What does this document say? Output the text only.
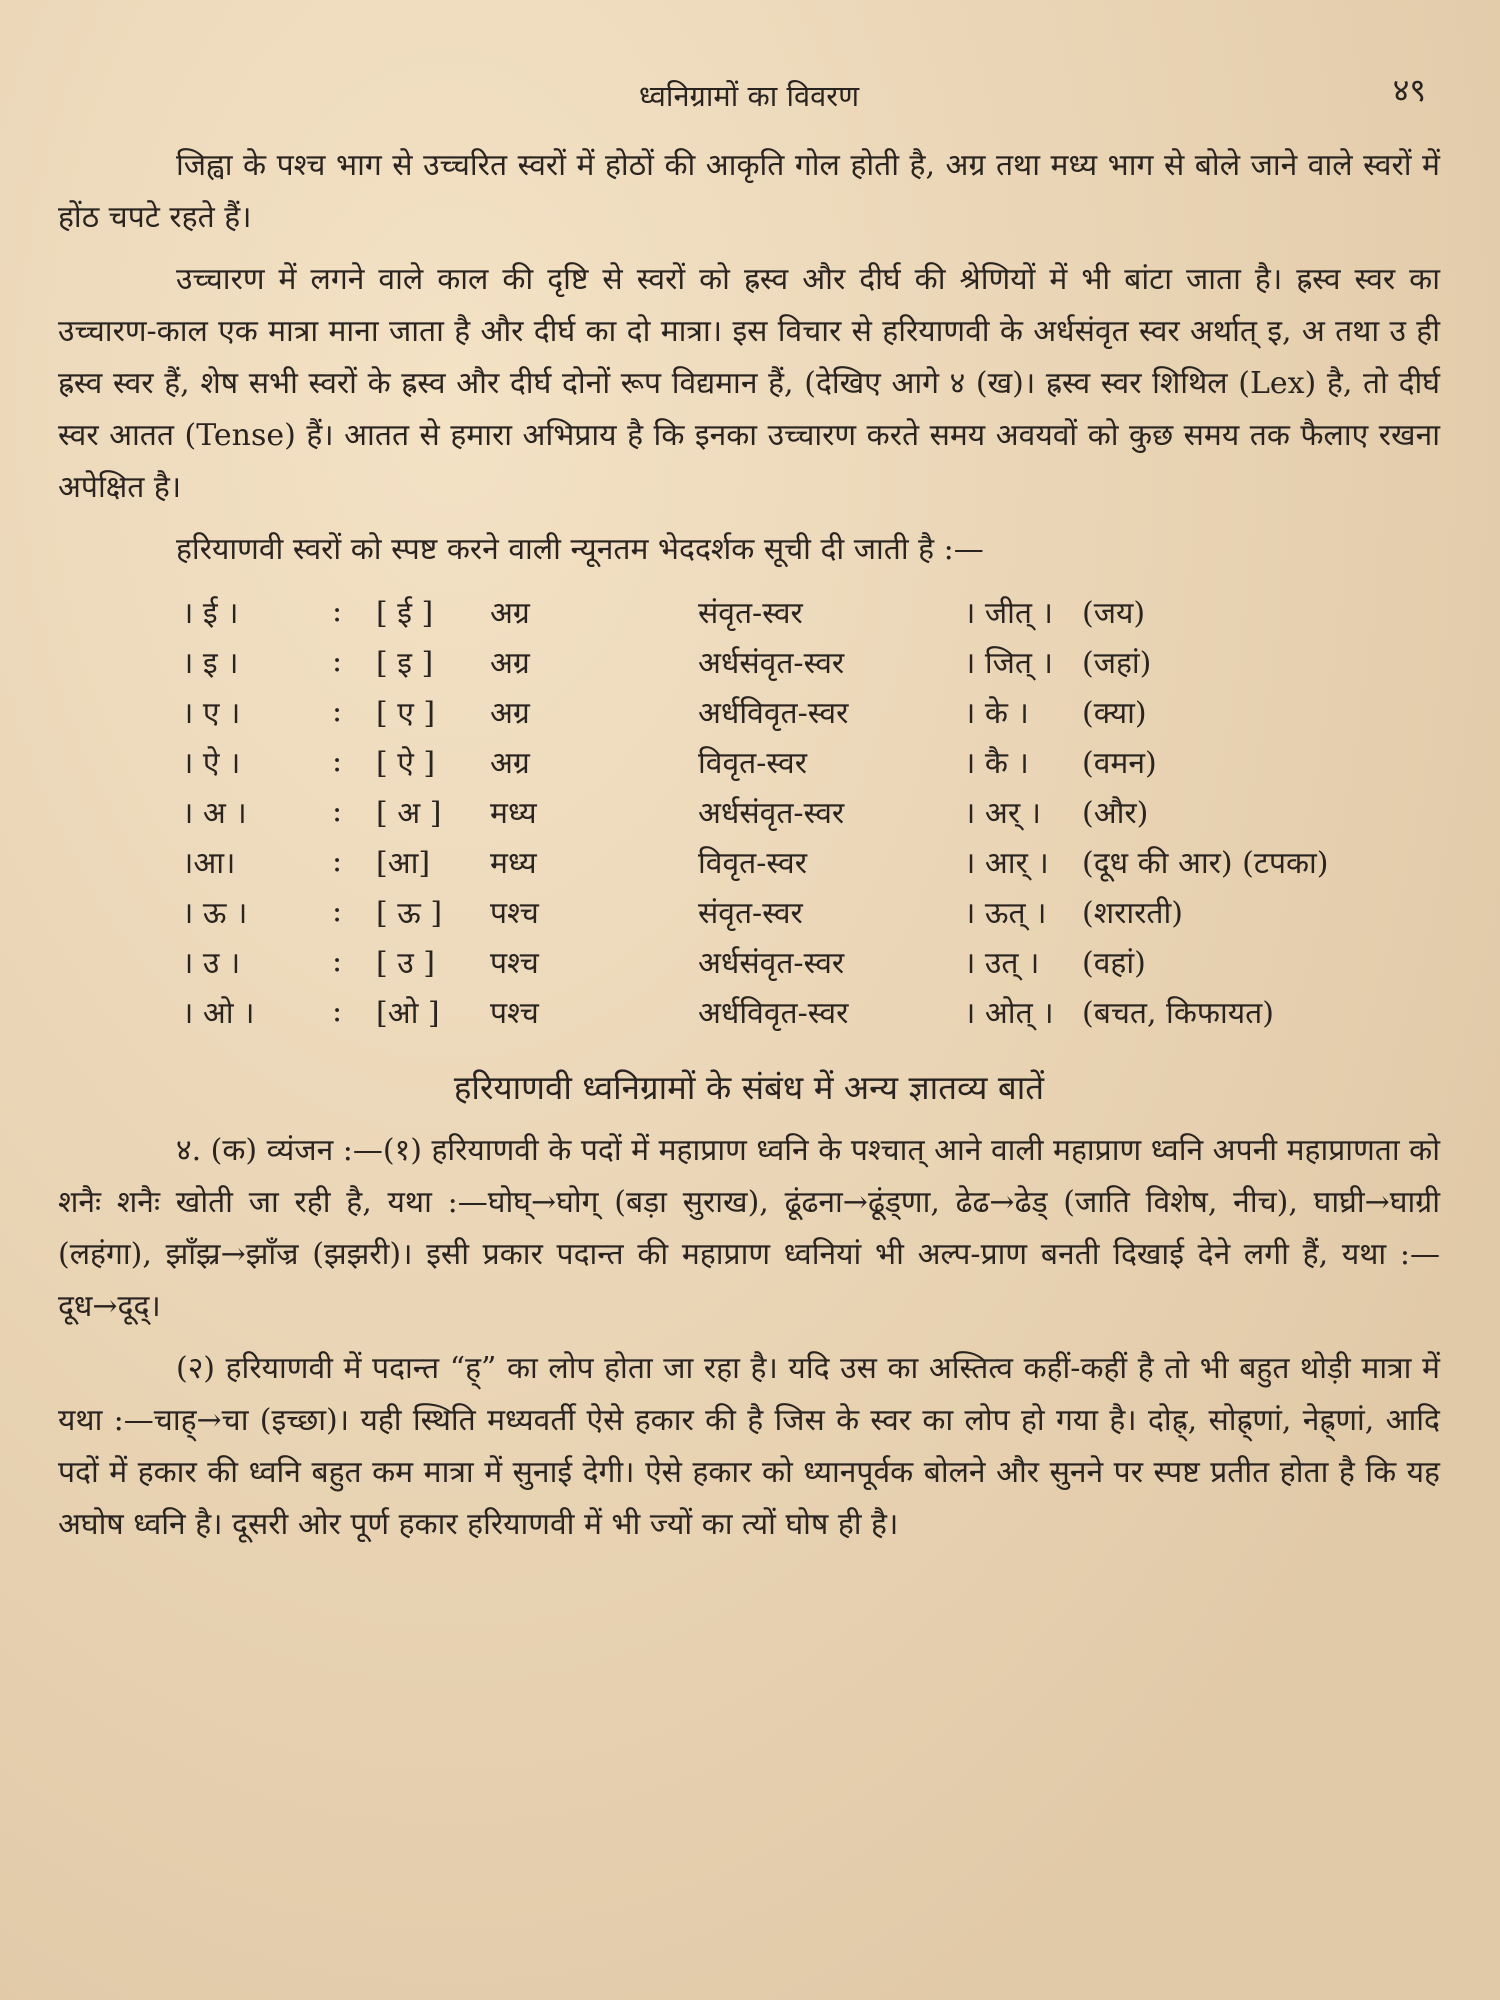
ध्वनिग्रामों का विवरण	४९

जिह्वा के पश्च भाग से उच्चरित स्वरों में होठों की आकृति गोल होती है, अग्र तथा मध्य भाग से बोले जाने वाले स्वरों में होंठ चपटे रहते हैं।

उच्चारण में लगने वाले काल की दृष्टि से स्वरों को ह्रस्व और दीर्घ की श्रेणियों में भी बांटा जाता है। ह्रस्व स्वर का उच्चारण-काल एक मात्रा माना जाता है और दीर्घ का दो मात्रा। इस विचार से हरियाणवी के अर्धसंवृत स्वर अर्थात् इ, अ तथा उ ही ह्रस्व स्वर हैं, शेष सभी स्वरों के ह्रस्व और दीर्घ दोनों रूप विद्यमान हैं, (देखिए आगे ४ (ख)। ह्रस्व स्वर शिथिल (Lex) है, तो दीर्घ स्वर आतत (Tense) हैं। आतत से हमारा अभिप्राय है कि इनका उच्चारण करते समय अवयवों को कुछ समय तक फैलाए रखना अपेक्षित है।

हरियाणवी स्वरों को स्पष्ट करने वाली न्यूनतम भेददर्शक सूची दी जाती है :—

। ई ।	:	[ ई ]	अग्र	संवृत-स्वर	। जीत् ।	(जय)
। इ ।	:	[ इ ]	अग्र	अर्धसंवृत-स्वर	। जित् ।	(जहां)
। ए ।	:	[ ए ]	अग्र	अर्धविवृत-स्वर	। के ।	(क्या)
। ऐ ।	:	[ ऐ ]	अग्र	विवृत-स्वर	। कै ।	(वमन)
। अ ।	:	[ अ ]	मध्य	अर्धसंवृत-स्वर	। अर् ।	(और)
।आ।	:	[आ]	मध्य	विवृत-स्वर	। आर् ।	(दूध की आर) (टपका)
। ऊ ।	:	[ ऊ ]	पश्च	संवृत-स्वर	। ऊत् ।	(शरारती)
। उ ।	:	[ उ ]	पश्च	अर्धसंवृत-स्वर	। उत् ।	(वहां)
। ओ ।	:	[ओ ]	पश्च	अर्धविवृत-स्वर	। ओत् ।	(बचत, किफायत)
हरियाणवी ध्वनिग्रामों के संबंध में अन्य ज्ञातव्य बातें

४. (क) व्यंजन :—(१) हरियाणवी के पदों में महाप्राण ध्वनि के पश्चात् आने वाली महाप्राण ध्वनि अपनी महाप्राणता को शनैः शनैः खोती जा रही है, यथा :—घोघ्→घोग् (बड़ा सुराख), ढूंढना→ढूंड्णा, ढेढ→ढेड् (जाति विशेष, नीच), घाघ्री→घाग्री (लहंगा), झाँझ्र→झाँज्र (झझरी)। इसी प्रकार पदान्त की महाप्राण ध्वनियां भी अल्प-प्राण बनती दिखाई देने लगी हैं, यथा :—दूध→दूद्।

(२) हरियाणवी में पदान्त “ह्” का लोप होता जा रहा है। यदि उस का अस्तित्व कहीं-कहीं है तो भी बहुत थोड़ी मात्रा में यथा :—चाह्→चा (इच्छा)। यही स्थिति मध्यवर्ती ऐसे हकार की है जिस के स्वर का लोप हो गया है। दोह्र्, सोह्र्णां, नेह्र्णां, आदि पदों में हकार की ध्वनि बहुत कम मात्रा में सुनाई देगी। ऐसे हकार को ध्यानपूर्वक बोलने और सुनने पर स्पष्ट प्रतीत होता है कि यह अघोष ध्वनि है। दूसरी ओर पूर्ण हकार हरियाणवी में भी ज्यों का त्यों घोष ही है।
